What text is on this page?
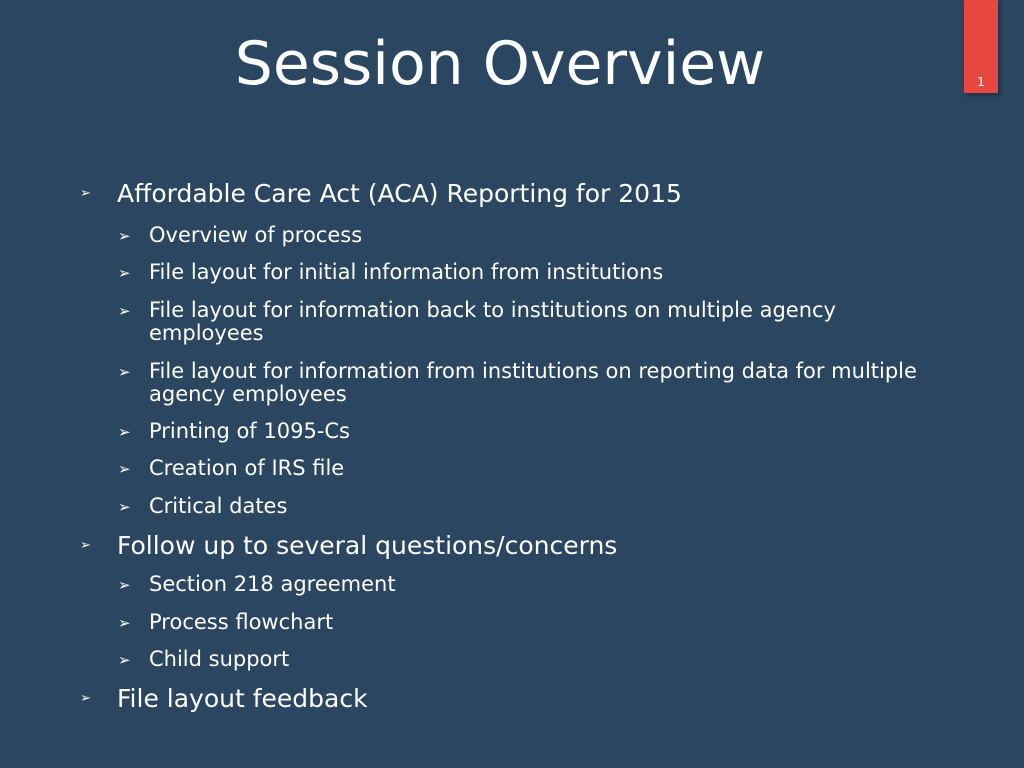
Session Overview	1
➢ Affordable Care Act (ACA) Reporting for 2015
➢ Overview of process
➢ File layout for initial information from institutions
➢ File layout for information back to institutions on multiple agency employees
➢ File layout for information from institutions on reporting data for multiple agency employees
➢ Printing of 1095-Cs
➢ Creation of IRS file
➢ Critical dates
➢ Follow up to several questions/concerns
➢ Section 218 agreement
➢ Process flowchart
➢ Child support
➢ File layout feedback
